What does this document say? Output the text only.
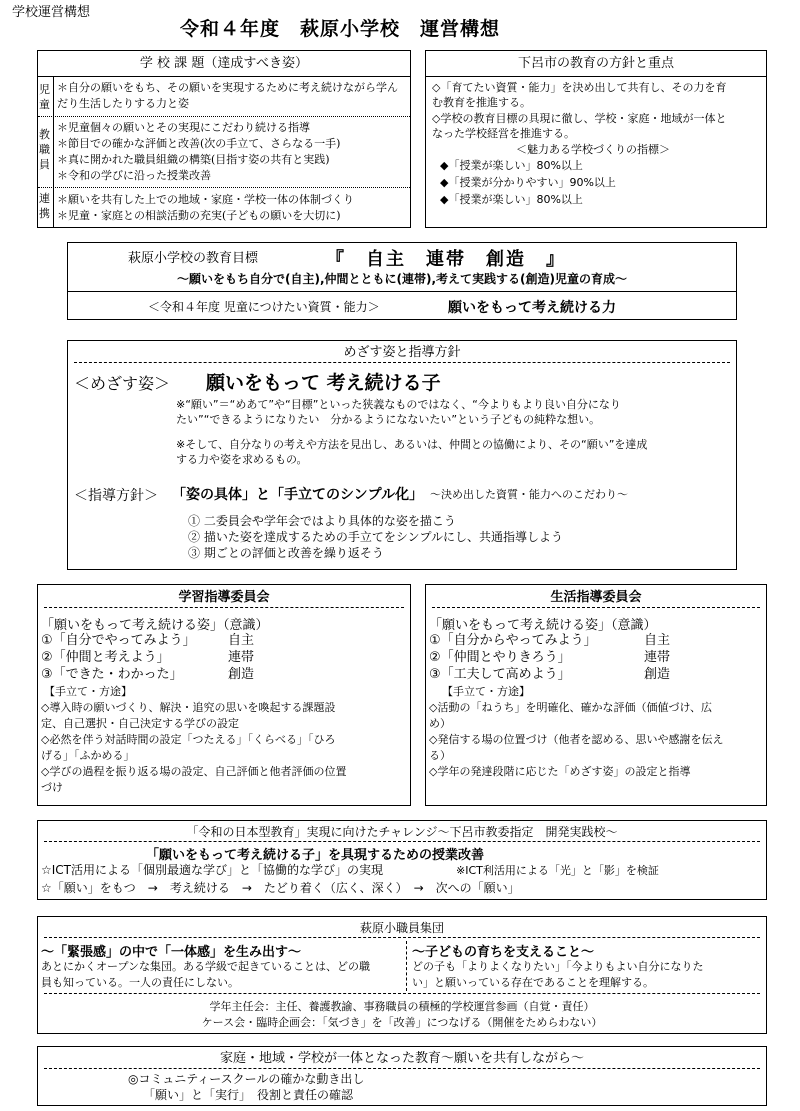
学校運営構想
令和４年度　萩原小学校　運営構想
学 校 課 題（達成すべき姿）
児童
＊自分の願いをもち、その願いを実現するために考え続けながら学ん
だり生活したりする力と姿
教職員
＊児童個々の願いとその実現にこだわり続ける指導
＊節目での確かな評価と改善(次の手立て、さらなる一手)
＊真に開かれた職員組織の構築(目指す姿の共有と実践)
＊令和の学びに沿った授業改善
連携
＊願いを共有した上での地域・家庭・学校一体の体制づくり
＊児童・家庭との相談活動の充実(子どもの願いを大切に)
下呂市の教育の方針と重点
◇「育てたい資質・能力」を決め出して共有し、その力を育
む教育を推進する。
◇学校の教育目標の具現に徹し、学校・家庭・地域が一体と
なった学校経営を推進する。
＜魅力ある学校づくりの指標＞
◆「授業が楽しい」80%以上
◆「授業が分かりやすい」90%以上
◆「授業が楽しい」80%以上
萩原小学校の教育目標	『　自主　連帯　創造　』
～願いをもち自分で(自主),仲間とともに(連帯),考えて実践する(創造)児童の育成～
＜令和４年度 児童につけたい資質・能力＞	願いをもって考え続ける力
めざす姿と指導方針
＜めざす姿＞ 願いをもって 考え続ける子
※“願い”＝“めあて”や“目標”といった狭義なものではなく、“今よりもより良い自分になり
たい”“できるようになりたい　分かるようになないたい”という子どもの純粋な想い。
※そして、自分なりの考えや方法を見出し、あるいは、仲間との協働により、その“願い”を達成
する力や姿を求めるもの。
＜指導方針＞ 「姿の具体」と「手立てのシンプル化」 ～決め出した資質・能力へのこだわり～
① 二委員会や学年会ではより具体的な姿を描こう
② 描いた姿を達成するための手立てをシンプルにし、共通指導しよう
③ 期ごとの評価と改善を繰り返そう
学習指導委員会
「願いをもって考え続ける姿」（意識）
①「自分でやってみよう」 自主
②「仲間と考えよう」	連帯
③「できた・わかった」	創造
【手立て・方途】
◇導入時の願いづくり、解決・追究の思いを喚起する課題設
定、自己選択・自己決定する学びの設定
◇必然を伴う対話時間の設定「つたえる」「くらべる」「ひろ
げる」「ふかめる」
◇学びの過程を振り返る場の設定、自己評価と他者評価の位置
づけ
生活指導委員会
「願いをもって考え続ける姿」（意識）
①「自分からやってみよう」	自主
②「仲間とやりきろう」	連帯
③「工夫して高めよう」	創造
【手立て・方途】
◇活動の「ねうち」を明確化、確かな評価（価値づけ、広
め）
◇発信する場の位置づけ（他者を認める、思いや感謝を伝え
る）
◇学年の発達段階に応じた「めざす姿」の設定と指導
「令和の日本型教育」実現に向けたチャレンジ～下呂市教委指定　開発実践校～
「願いをもって考え続ける子」を具現するための授業改善
☆ICT活用による「個別最適な学び」と「協働的な学び」の実現	※ICT利活用による「光」と「影」を検証
☆「願い」をもつ　→　考え続ける　→　たどり着く（広く、深く）　→　次への「願い」
萩原小職員集団
～「緊張感」の中で「一体感」を生み出す～
あとにかくオープンな集団。ある学級で起きていることは、どの職
員も知っている。一人の責任にしない。
～子どもの育ちを支えること～
どの子も「よりよくなりたい」「今よりもよい自分になりた
い」と願いっている存在であることを理解する。
学年主任会：主任、養護教諭、事務職員の積極的学校運営参画（自覚・責任）
ケース会・臨時企画会：「気づき」を「改善」につなげる（開催をためらわない）
家庭・地域・学校が一体となった教育～願いを共有しながら～
◎コミュニティースクールの確かな動き出し
「願い」と「実行」　役割と責任の確認
